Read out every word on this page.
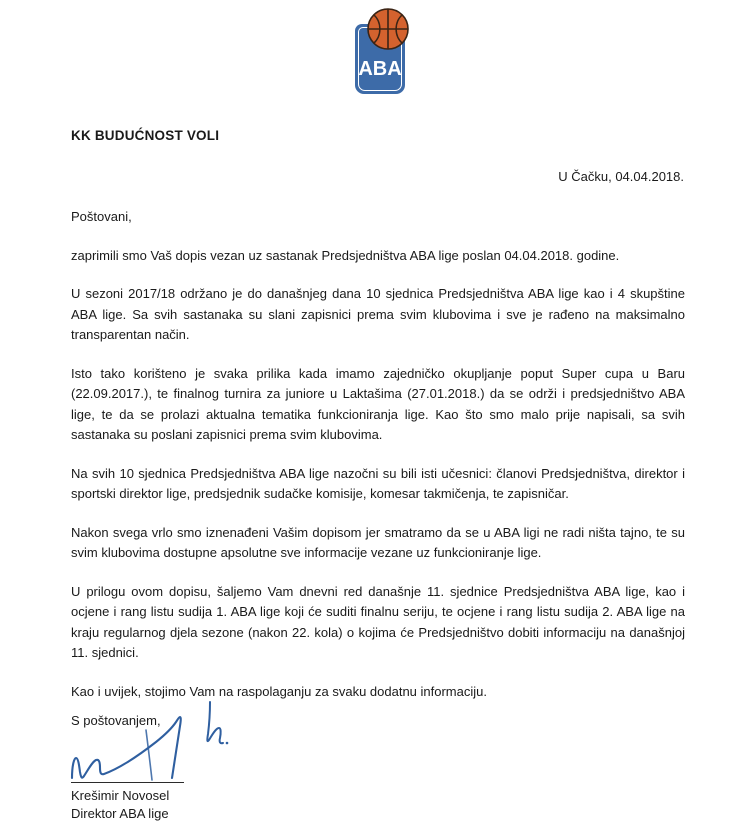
ABA
KK BUDUĆNOST VOLI
U Čačku, 04.04.2018.

Poštovani,

zaprimili smo Vaš dopis vezan uz sastanak Predsjedništva ABA lige poslan 04.04.2018. godine.

U sezoni 2017/18 održano je do današnjeg dana 10 sjednica Predsjedništva ABA lige kao i 4 skupštine ABA lige. Sa svih sastanaka su slani zapisnici prema svim klubovima i sve je rađeno na maksimalno transparentan način.

Isto tako korišteno je svaka prilika kada imamo zajedničko okupljanje poput Super cupa u Baru (22.09.2017.), te finalnog turnira za juniore u Laktašima (27.01.2018.) da se održi i predsjedništvo ABA lige, te da se prolazi aktualna tematika funkcioniranja lige. Kao što smo malo prije napisali, sa svih sastanaka su poslani zapisnici prema svim klubovima.

Na svih 10 sjednica Predsjedništva ABA lige nazočni su bili isti učesnici: članovi Predsjedništva, direktor i sportski direktor lige, predsjednik sudačke komisije, komesar takmičenja, te zapisničar.

Nakon svega vrlo smo iznenađeni Vašim dopisom jer smatramo da se u ABA ligi ne radi ništa tajno, te su svim klubovima dostupne apsolutne sve informacije vezane uz funkcioniranje lige.

U prilogu ovom dopisu, šaljemo Vam dnevni red današnje 11. sjednice Predsjedništva ABA lige, kao i ocjene i rang listu sudija 1. ABA lige koji će suditi finalnu seriju, te ocjene i rang listu sudija 2. ABA lige na kraju regularnog djela sezone (nakon 22. kola) o kojima će Predsjedništvo dobiti informaciju na današnjoj 11. sjednici.

Kao i uvijek, stojimo Vam na raspolaganju za svaku dodatnu informaciju.

S poštovanjem,
Krešimir Novosel
Direktor ABA lige
